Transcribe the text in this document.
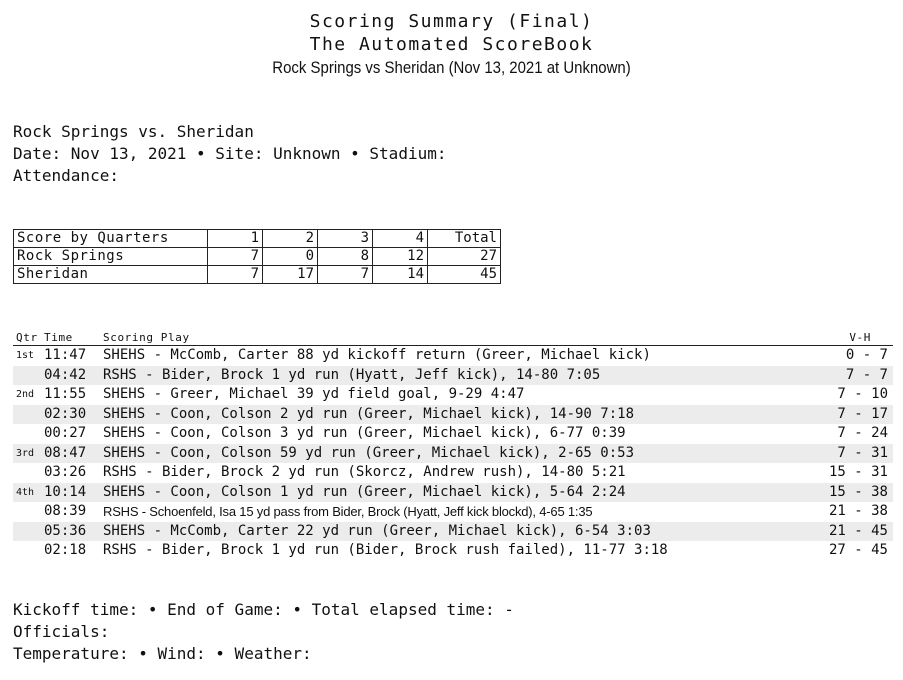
Scoring Summary (Final)
The Automated ScoreBook
Rock Springs vs Sheridan (Nov 13, 2021 at Unknown)
Rock Springs vs. Sheridan
Date: Nov 13, 2021 • Site: Unknown • Stadium:
Attendance:
Score by Quarters	1	2	3	4	Total
Rock Springs	7	0	8	12	27
Sheridan	7	17	7	14	45
Qtr Time	Scoring Play	V-H
1st 11:47 SHEHS - McComb, Carter 88 yd kickoff return (Greer, Michael kick)	0 - 7
04:42 RSHS - Bider, Brock 1 yd run (Hyatt, Jeff kick), 14-80 7:05	7 - 7
2nd 11:55 SHEHS - Greer, Michael 39 yd field goal, 9-29 4:47	7 - 10
02:30 SHEHS - Coon, Colson 2 yd run (Greer, Michael kick), 14-90 7:18	7 - 17
00:27 SHEHS - Coon, Colson 3 yd run (Greer, Michael kick), 6-77 0:39	7 - 24
3rd 08:47 SHEHS - Coon, Colson 59 yd run (Greer, Michael kick), 2-65 0:53	7 - 31
03:26 RSHS - Bider, Brock 2 yd run (Skorcz, Andrew rush), 14-80 5:21	15 - 31
4th 10:14 SHEHS - Coon, Colson 1 yd run (Greer, Michael kick), 5-64 2:24	15 - 38
08:39 RSHS - Schoenfeld, Isa 15 yd pass from Bider, Brock (Hyatt, Jeff kick blockd), 4-65 1:35	21 - 38
05:36 SHEHS - McComb, Carter 22 yd run (Greer, Michael kick), 6-54 3:03	21 - 45
02:18 RSHS - Bider, Brock 1 yd run (Bider, Brock rush failed), 11-77 3:18	27 - 45
Kickoff time: • End of Game: • Total elapsed time: -
Officials:
Temperature: • Wind: • Weather:
